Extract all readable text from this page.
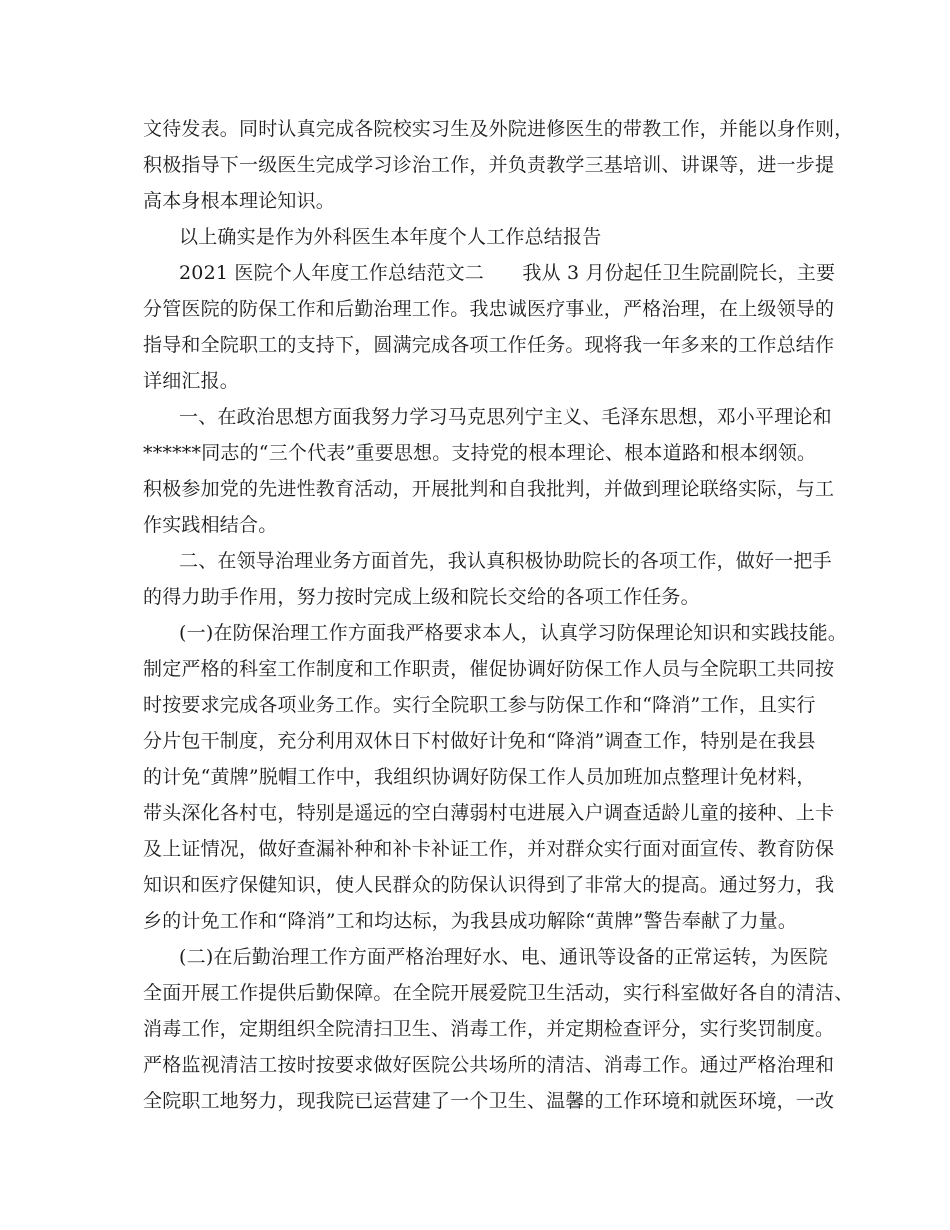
文待发表。同时认真完成各院校实习生及外院进修医生的带教工作，并能以身作则，
积极指导下一级医生完成学习诊治工作，并负责教学三基培训、讲课等，进一步提
高本身根本理论知识。
以上确实是作为外科医生本年度个人工作总结报告
2021 医院个人年度工作总结范文二　　我从 3 月份起任卫生院副院长，主要
分管医院的防保工作和后勤治理工作。我忠诚医疗事业，严格治理，在上级领导的
指导和全院职工的支持下，圆满完成各项工作任务。现将我一年多来的工作总结作
详细汇报。
一、在政治思想方面我努力学习马克思列宁主义、毛泽东思想，邓小平理论和
******同志的“三个代表”重要思想。支持党的根本理论、根本道路和根本纲领。
积极参加党的先进性教育活动，开展批判和自我批判，并做到理论联络实际，与工
作实践相结合。
二、在领导治理业务方面首先，我认真积极协助院长的各项工作，做好一把手
的得力助手作用，努力按时完成上级和院长交给的各项工作任务。
(一)在防保治理工作方面我严格要求本人，认真学习防保理论知识和实践技能。
制定严格的科室工作制度和工作职责，催促协调好防保工作人员与全院职工共同按
时按要求完成各项业务工作。实行全院职工参与防保工作和“降消”工作，且实行
分片包干制度，充分利用双休日下村做好计免和“降消”调查工作，特别是在我县
的计免“黄牌”脱帽工作中，我组织协调好防保工作人员加班加点整理计免材料，
带头深化各村屯，特别是遥远的空白薄弱村屯进展入户调查适龄儿童的接种、上卡
及上证情况，做好查漏补种和补卡补证工作，并对群众实行面对面宣传、教育防保
知识和医疗保健知识，使人民群众的防保认识得到了非常大的提高。通过努力，我
乡的计免工作和“降消”工和均达标，为我县成功解除“黄牌”警告奉献了力量。
(二)在后勤治理工作方面严格治理好水、电、通讯等设备的正常运转，为医院
全面开展工作提供后勤保障。在全院开展爱院卫生活动，实行科室做好各自的清洁、
消毒工作，定期组织全院清扫卫生、消毒工作，并定期检查评分，实行奖罚制度。
严格监视清洁工按时按要求做好医院公共场所的清洁、消毒工作。通过严格治理和
全院职工地努力，现我院已运营建了一个卫生、温馨的工作环境和就医环境，一改
